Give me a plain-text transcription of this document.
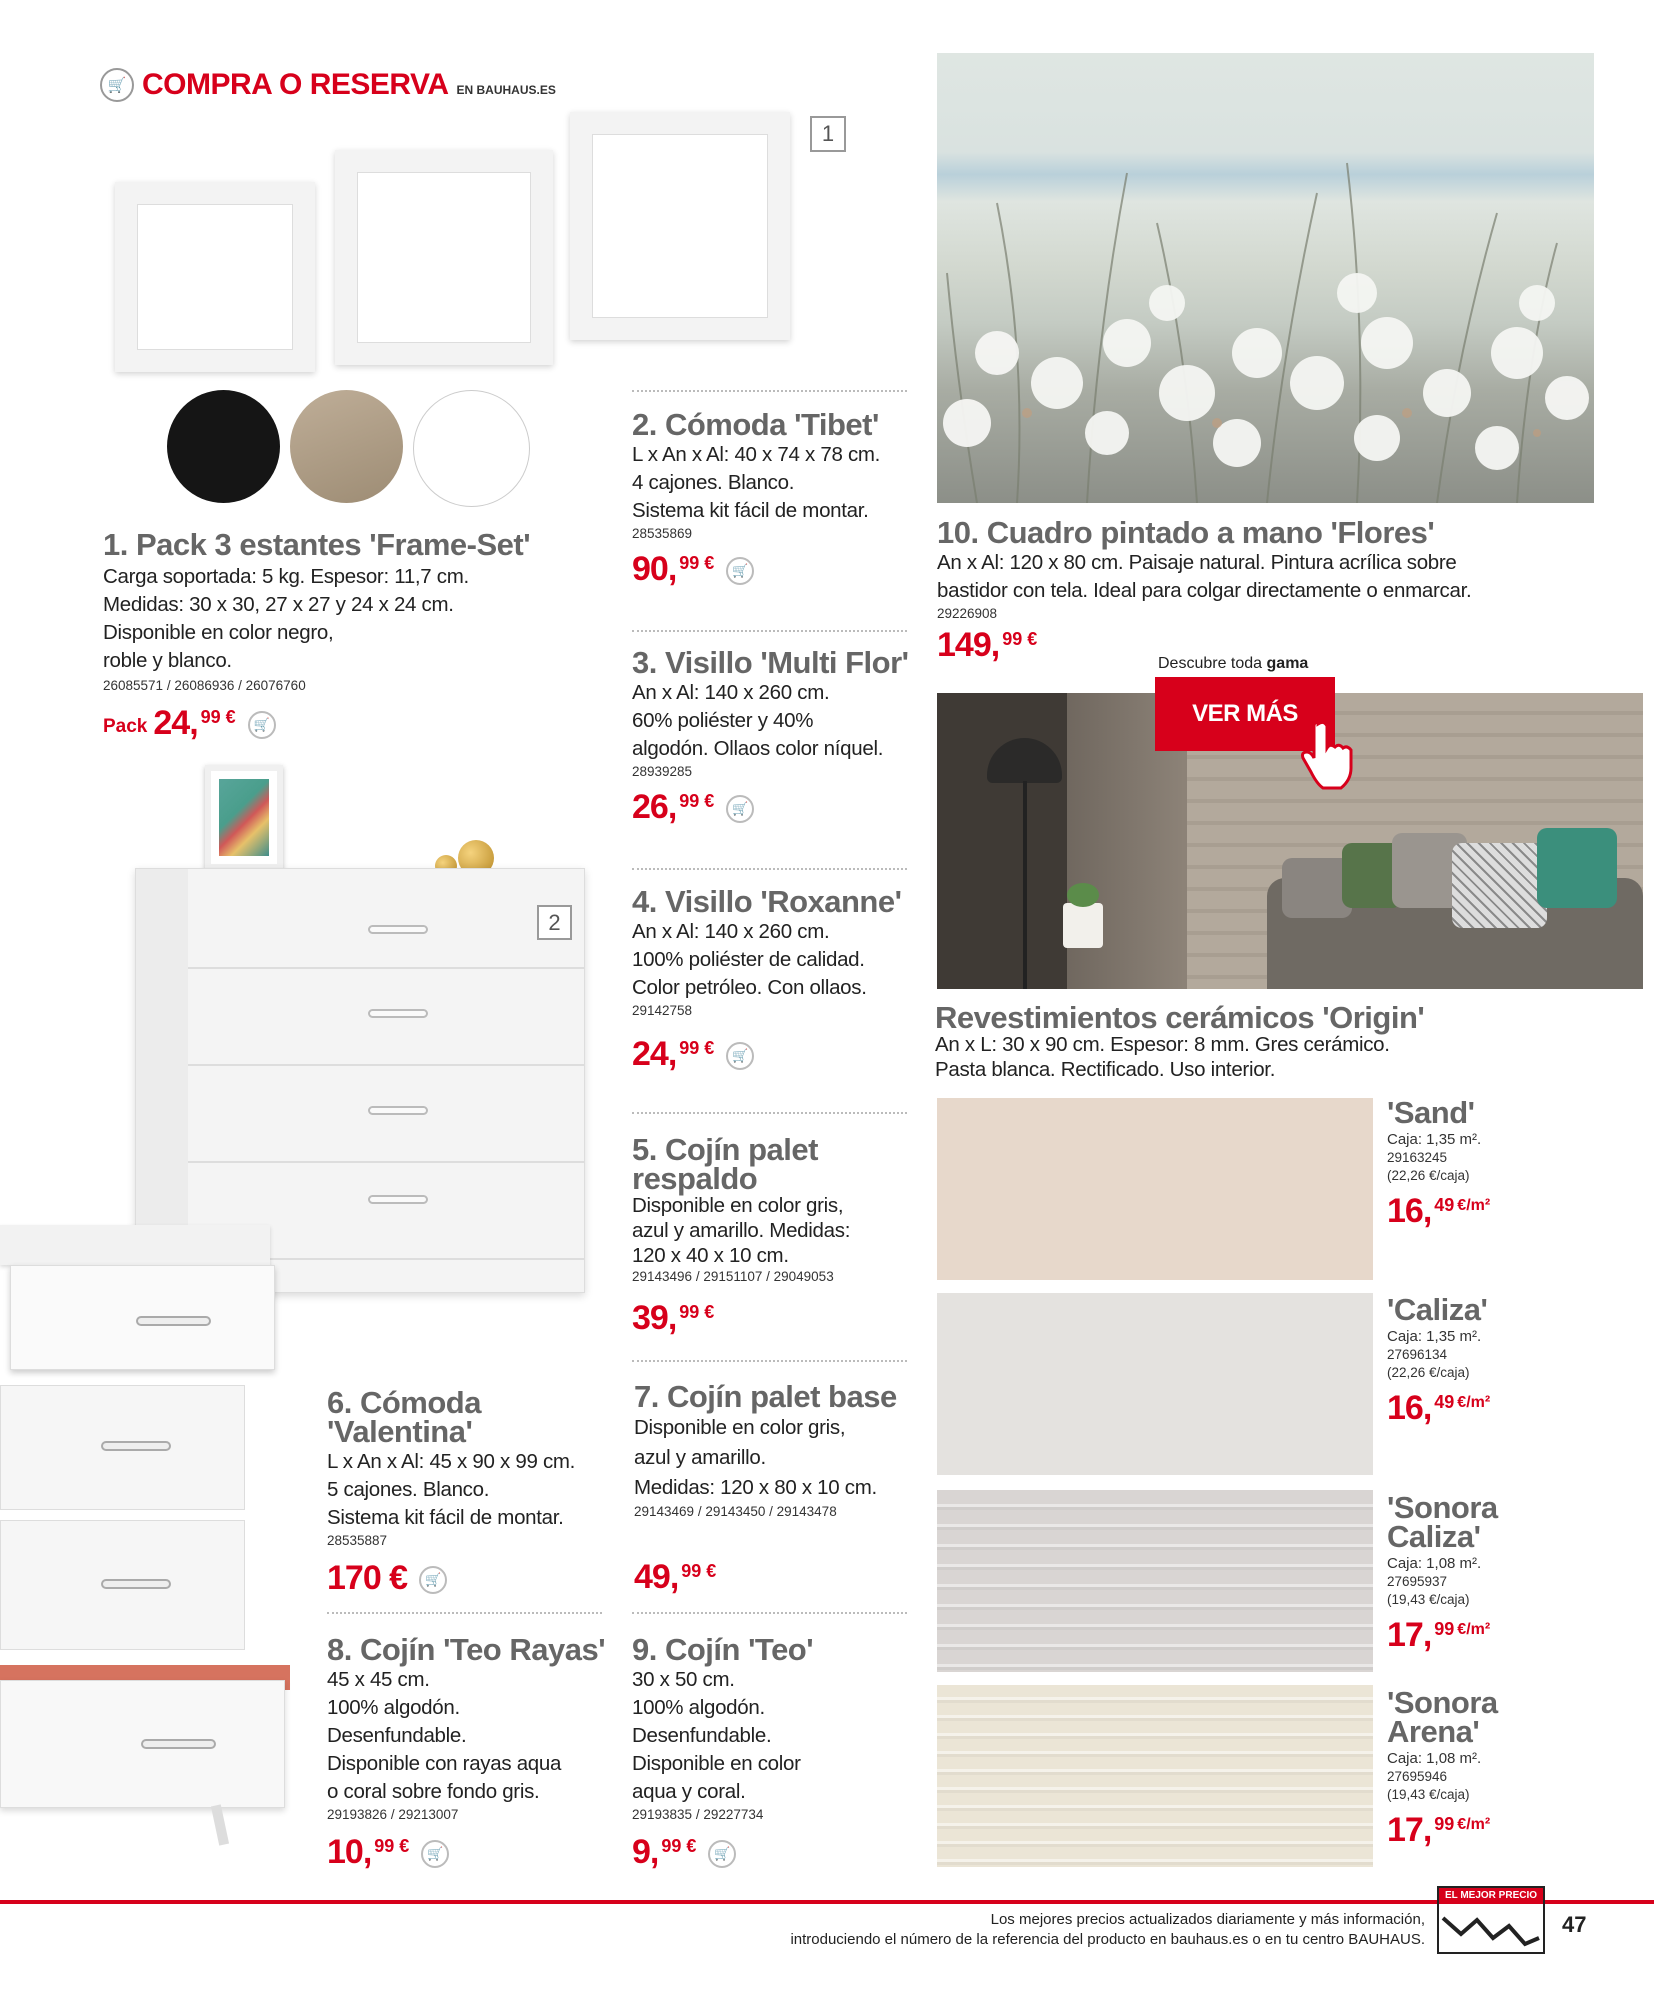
🛒 COMPRA O RESERVA EN BAUHAUS.ES
1
1. Pack 3 estantes 'Frame-Set'
Carga soportada: 5 kg. Espesor: 11,7 cm.
Medidas: 30 x 30, 27 x 27 y 24 x 24 cm.
Disponible en color negro,
roble y blanco.
26085571 / 26086936 / 26076760
Pack 24, 99 €	🛒
2
2. Cómoda 'Tibet'
L x An x Al: 40 x 74 x 78 cm.
4 cajones. Blanco.
Sistema kit fácil de montar.
28535869
90, 99 €	🛒
3. Visillo 'Multi Flor'
An x Al: 140 x 260 cm.
60% poliéster y 40%
algodón. Ollaos color níquel.
28939285
26, 99 €	🛒
4. Visillo 'Roxanne'
An x Al: 140 x 260 cm.
100% poliéster de calidad.
Color petróleo. Con ollaos.
29142758
24, 99 €	🛒
5. Cojín palet
respaldo
Disponible en color gris,
azul y amarillo. Medidas:
120 x 40 x 10 cm.
29143496 / 29151107 / 29049053
39, 99 €
7. Cojín palet base
Disponible en color gris,
azul y amarillo.
Medidas: 120 x 80 x 10 cm.
29143469 / 29143450 / 29143478
49, 99 €
6. Cómoda
'Valentina'
L x An x Al: 45 x 90 x 99 cm.
5 cajones. Blanco.
Sistema kit fácil de montar.
28535887
170 €	🛒
8. Cojín 'Teo Rayas'
45 x 45 cm.
100% algodón.
Desenfundable.
Disponible con rayas aqua
o coral sobre fondo gris.
29193826 / 29213007
10, 99 €	🛒
9. Cojín 'Teo'
30 x 50 cm.
100% algodón.
Desenfundable.
Disponible en color
aqua y coral.
29193835 / 29227734
9, 99 €	🛒
10. Cuadro pintado a mano 'Flores'
An x Al: 120 x 80 cm. Paisaje natural. Pintura acrílica sobre
bastidor con tela. Ideal para colgar directamente o enmarcar.
29226908
149, 99 €
Descubre toda gama
VER MÁS
Revestimientos cerámicos 'Origin'
An x L: 30 x 90 cm. Espesor: 8 mm. Gres cerámico.
Pasta blanca. Rectificado. Uso interior.
'Sand'
Caja: 1,35 m².
29163245
(22,26 €/caja)
16, 49 €/m²
'Caliza'
Caja: 1,35 m².
27696134
(22,26 €/caja)
16, 49 €/m²
'Sonora
Caliza'
Caja: 1,08 m².
27695937
(19,43 €/caja)
17, 99 €/m²
'Sonora
Arena'
Caja: 1,08 m².
27695946
(19,43 €/caja)
17, 99 €/m²
Los mejores precios actualizados diariamente y más información,
introduciendo el número de la referencia del producto en bauhaus.es o en tu centro BAUHAUS.
EL MEJOR PRECIO
47
